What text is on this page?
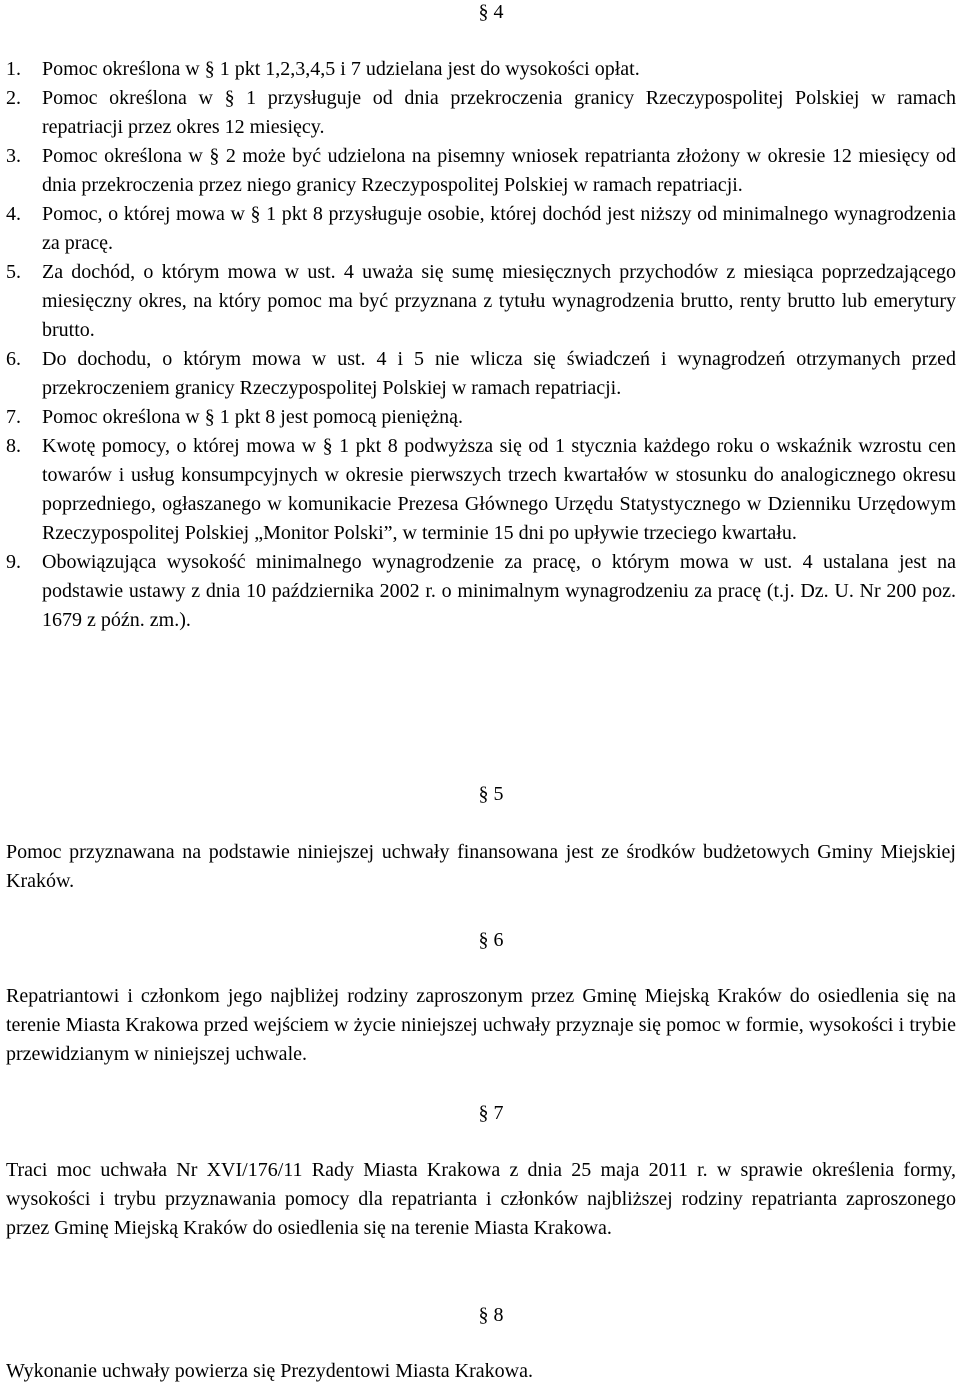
§ 4
1. Pomoc określona w § 1 pkt 1,2,3,4,5 i 7 udzielana jest do wysokości opłat.
2. Pomoc określona w § 1 przysługuje od dnia przekroczenia granicy Rzeczypospolitej Polskiej w ramach repatriacji przez okres 12 miesięcy.
3. Pomoc określona w § 2 może być udzielona na pisemny wniosek repatrianta złożony w okresie 12 miesięcy od dnia przekroczenia przez niego granicy Rzeczypospolitej Polskiej w ramach repatriacji.
4. Pomoc, o której mowa w § 1 pkt 8 przysługuje osobie, której dochód jest niższy od minimalnego wynagrodzenia za pracę.
5. Za dochód, o którym mowa w ust. 4 uważa się sumę miesięcznych przychodów z miesiąca poprzedzającego miesięczny okres, na który pomoc ma być przyznana z tytułu wynagrodzenia brutto, renty brutto lub emerytury brutto.
6. Do dochodu, o którym mowa w ust. 4 i 5 nie wlicza się świadczeń i wynagrodzeń otrzymanych przed przekroczeniem granicy Rzeczypospolitej Polskiej w ramach repatriacji.
7. Pomoc określona w § 1 pkt 8 jest pomocą pieniężną.
8. Kwotę pomocy, o której mowa w § 1 pkt 8 podwyższa się od 1 stycznia każdego roku o wskaźnik wzrostu cen towarów i usług konsumpcyjnych w okresie pierwszych trzech kwartałów w stosunku do analogicznego okresu poprzedniego, ogłaszanego w komunikacie Prezesa Głównego Urzędu Statystycznego w Dzienniku Urzędowym Rzeczypospolitej Polskiej „Monitor Polski”, w terminie 15 dni po upływie trzeciego kwartału.
9. Obowiązująca wysokość minimalnego wynagrodzenie za pracę, o którym mowa w ust. 4 ustalana jest na podstawie ustawy z dnia 10 października 2002 r. o minimalnym wynagrodzeniu za pracę (t.j. Dz. U. Nr 200 poz. 1679 z późn. zm.).
§ 5

Pomoc przyznawana na podstawie niniejszej uchwały finansowana jest ze środków budżetowych Gminy Miejskiej Kraków.

§ 6

Repatriantowi i członkom jego najbliżej rodziny zaproszonym przez Gminę Miejską Kraków do osiedlenia się na terenie Miasta Krakowa przed wejściem w życie niniejszej uchwały przyznaje się pomoc w formie, wysokości i trybie przewidzianym w niniejszej uchwale.

§ 7

Traci moc uchwała Nr XVI/176/11 Rady Miasta Krakowa z dnia 25 maja 2011 r. w sprawie określenia formy, wysokości i trybu przyznawania pomocy dla repatrianta i członków najbliższej rodziny repatrianta zaproszonego przez Gminę Miejską Kraków do osiedlenia się na terenie Miasta Krakowa.

§ 8

Wykonanie uchwały powierza się Prezydentowi Miasta Krakowa.
